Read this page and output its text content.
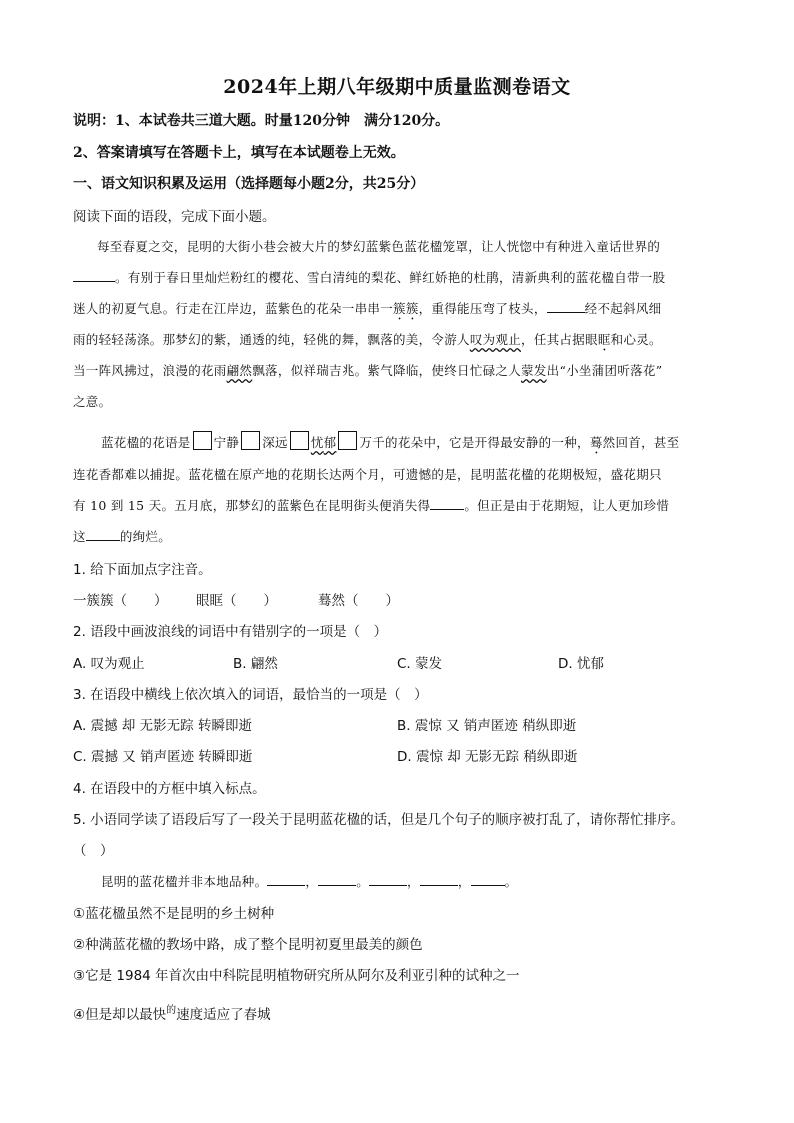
2024年上期八年级期中质量监测卷语文
说明：1、本试卷共三道大题。时量120分钟　满分120分。
2、答案请填写在答题卡上，填写在本试题卷上无效。
一、语文知识积累及运用（选择题每小题2分，共25分）
阅读下面的语段，完成下面小题。
每至春夏之交，昆明的大街小巷会被大片的梦幻蓝紫色蓝花楹笼罩，让人恍惚中有种进入童话世界的
。有别于春日里灿烂粉红的樱花、雪白清纯的梨花、鲜红娇艳的杜鹃，清新典利的蓝花楹自带一股
迷人的初夏气息。行走在江岸边，蓝紫色的花朵一串串一簇簇，重得能压弯了枝头，	经不起斜风细
雨的轻轻荡涤。那梦幻的紫，通透的纯，轻佻的舞，飘落的美，令游人叹为观止，任其占据眼眶和心灵。
当一阵风拂过，浪漫的花雨翩然飘落，似祥瑞吉兆。紫气降临，使终日忙碌之人蒙发出“小坐蒲团听落花”
之意。
蓝花楹的花语是 宁静 深远 忧郁 万千的花朵中，它是开得最安静的一种，蓦然回首，甚至
连花香都难以捕捉。蓝花楹在原产地的花期长达两个月，可遗憾的是，昆明蓝花楹的花期极短，盛花期只
有 10 到 15 天。五月底，那梦幻的蓝紫色在昆明街头便消失得	。但正是由于花期短，让人更加珍惜
这	的绚烂。
1. 给下面加点字注音。
一簇簇（　　） 眼眶（　　）	蓦然（　　）
2. 语段中画波浪线的词语中有错别字的一项是（　）
A. 叹为观止	B. 翩然	C. 蒙发	D. 忧郁
3. 在语段中横线上依次填入的词语，最恰当的一项是（　）
A. 震撼 却 无影无踪 转瞬即逝	B. 震惊 又 销声匿迹 稍纵即逝
C. 震撼 又 销声匿迹 转瞬即逝	D. 震惊 却 无影无踪 稍纵即逝
4. 在语段中的方框中填入标点。
5. 小语同学读了语段后写了一段关于昆明蓝花楹的话，但是几个句子的顺序被打乱了，请你帮忙排序。
（　）
昆明的蓝花楹并非本地品种。	，	。	，	，	。
①蓝花楹虽然不是昆明的乡土树种
②种满蓝花楹的教场中路，成了整个昆明初夏里最美的颜色
③它是 1984 年首次由中科院昆明植物研究所从阿尔及利亚引种的试种之一
④但是却以最快$^的$速度适应了春城
